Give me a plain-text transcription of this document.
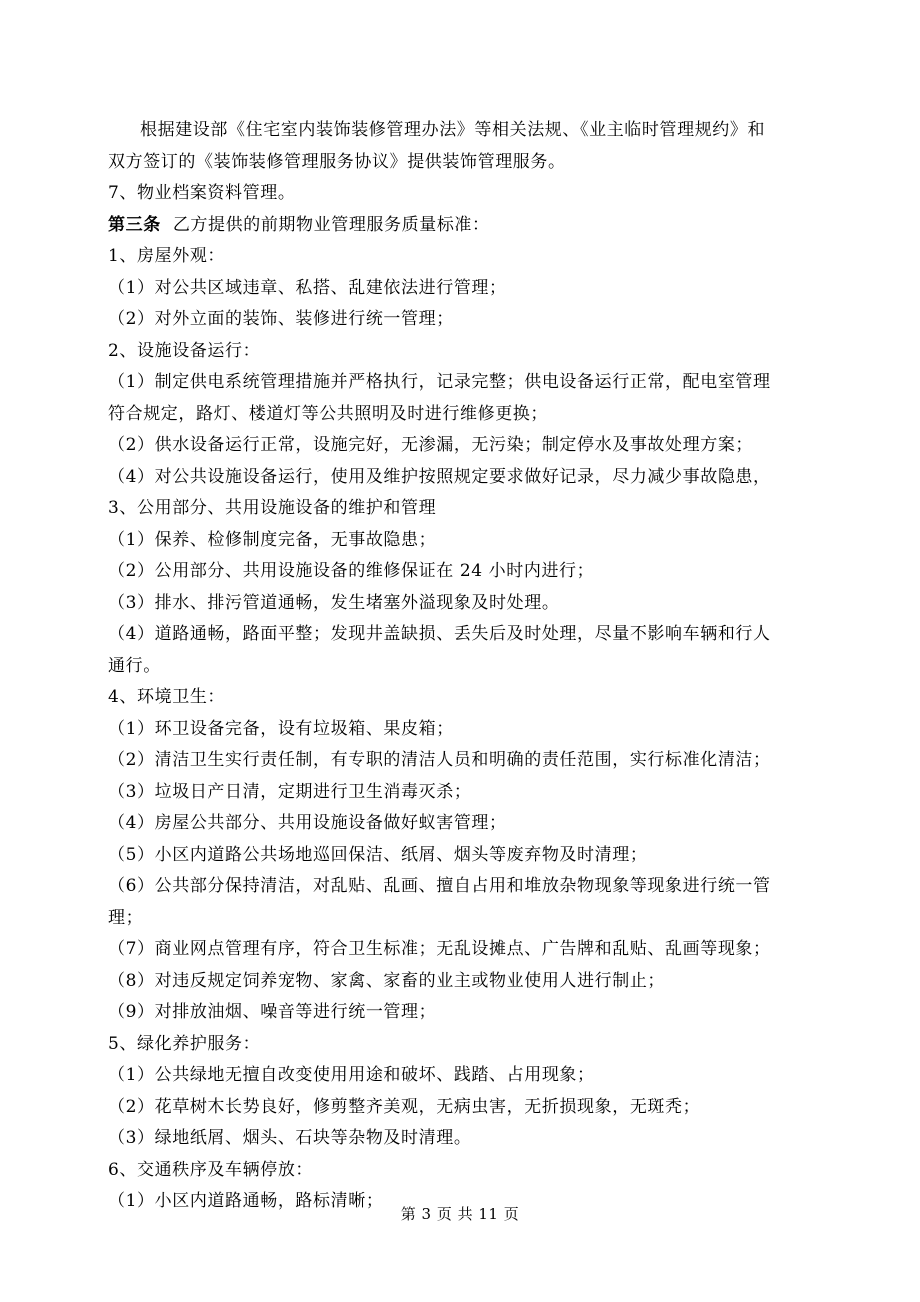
根据建设部《住宅室内装饰装修管理办法》等相关法规、《业主临时管理规约》和
双方签订的《装饰装修管理服务协议》提供装饰管理服务。
7、物业档案资料管理。
第三条 乙方提供的前期物业管理服务质量标准：
1、房屋外观：
（1）对公共区域违章、私搭、乱建依法进行管理；
（2）对外立面的装饰、装修进行统一管理；
2、设施设备运行：
（1）制定供电系统管理措施并严格执行，记录完整；供电设备运行正常，配电室管理
符合规定，路灯、楼道灯等公共照明及时进行维修更换；
（2）供水设备运行正常，设施完好，无渗漏，无污染；制定停水及事故处理方案；
（4）对公共设施设备运行，使用及维护按照规定要求做好记录，尽力减少事故隐患，
3、公用部分、共用设施设备的维护和管理
（1）保养、检修制度完备，无事故隐患；
（2）公用部分、共用设施设备的维修保证在 24 小时内进行；
（3）排水、排污管道通畅，发生堵塞外溢现象及时处理。
（4）道路通畅，路面平整；发现井盖缺损、丢失后及时处理，尽量不影响车辆和行人
通行。
4、环境卫生：
（1）环卫设备完备，设有垃圾箱、果皮箱；
（2）清洁卫生实行责任制，有专职的清洁人员和明确的责任范围，实行标准化清洁；
（3）垃圾日产日清，定期进行卫生消毒灭杀；
（4）房屋公共部分、共用设施设备做好蚁害管理；
（5）小区内道路公共场地巡回保洁、纸屑、烟头等废弃物及时清理；
（6）公共部分保持清洁，对乱贴、乱画、擅自占用和堆放杂物现象等现象进行统一管
理；
（7）商业网点管理有序，符合卫生标准；无乱设摊点、广告牌和乱贴、乱画等现象；
（8）对违反规定饲养宠物、家禽、家畜的业主或物业使用人进行制止；
（9）对排放油烟、噪音等进行统一管理；
5、绿化养护服务：
（1）公共绿地无擅自改变使用用途和破坏、践踏、占用现象；
（2）花草树木长势良好，修剪整齐美观，无病虫害，无折损现象，无斑秃；
（3）绿地纸屑、烟头、石块等杂物及时清理。
6、交通秩序及车辆停放：
（1）小区内道路通畅，路标清晰；
第 3 页 共 11 页
